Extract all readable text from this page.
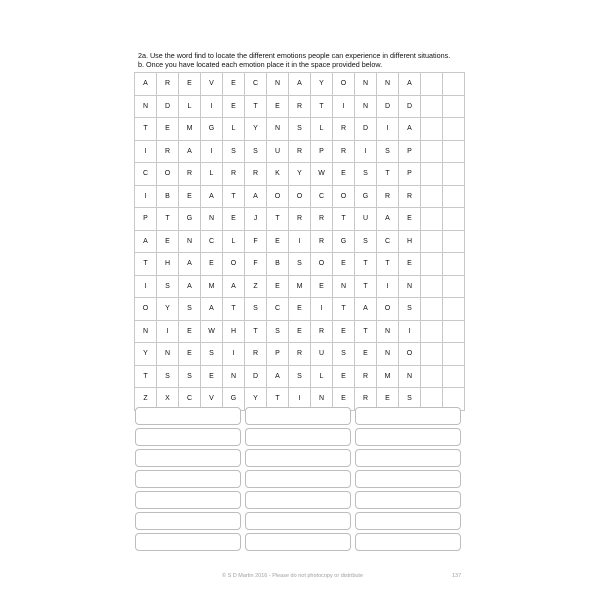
2a. Use the word find to locate the different emotions people can experience in different situations.
b. Once you have located each emotion place it in the space provided below.
A	R	E	V	E	C	N	A	Y	O	N	N	A
N	D	L	I	E	T	E	R	T	I	N	D	D
T	E	M	G	L	Y	N	S	L	R	D	I	A
I	R	A	I	S	S	U	R	P	R	I	S	P
C	O	R	L	R	R	K	Y	W	E	S	T	P
I	B	E	A	T	A	O	O	C	O	G	R	R
P	T	G	N	E	J	T	R	R	T	U	A	E
A	E	N	C	L	F	E	I	R	G	S	C	H
T	H	A	E	O	F	B	S	O	E	T	T	E
I	S	A	M	A	Z	E	M	E	N	T	I	N
O	Y	S	A	T	S	C	E	I	T	A	O	S
N	I	E	W	H	T	S	E	R	E	T	N	I
Y	N	E	S	I	R	P	R	U	S	E	N	O
T	S	S	E	N	D	A	S	L	E	R	M	N
Z	X	C	V	G	Y	T	I	N	E	R	E	S
© S D Martin 2016 - Please do not photocopy or distribute	137
